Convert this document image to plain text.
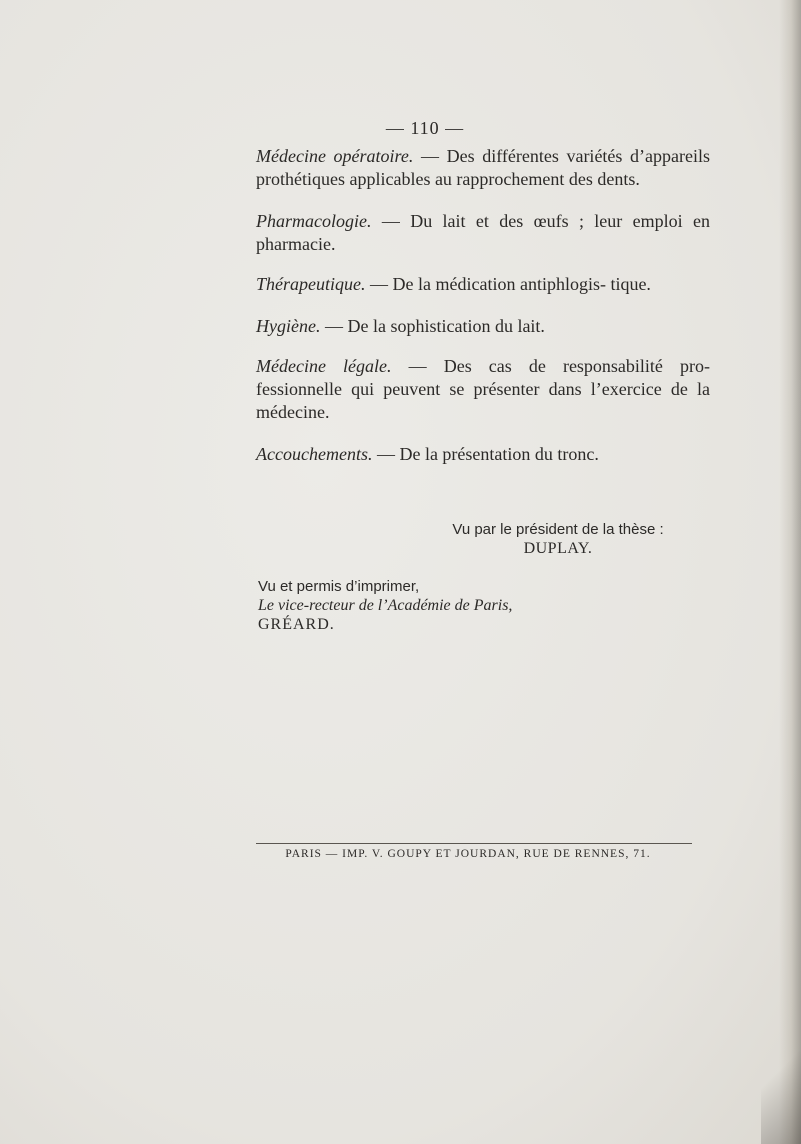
— 110 —

Médecine opératoire. — Des différentes variétés d’appareils prothétiques applicables au rapprochement des dents.

Pharmacologie. — Du lait et des œufs ; leur emploi en pharmacie.

Thérapeutique. — De la médication antiphlogis- tique.

Hygiène. — De la sophistication du lait.

Médecine légale. — Des cas de responsabilité pro- fessionnelle qui peuvent se présenter dans l’exercice de la médecine.

Accouchements. — De la présentation du tronc.

Vu par le président de la thèse :
DUPLAY.
Vu et permis d’imprimer,
Le vice-recteur de l’Académie de Paris,
GRÉARD.
PARIS — IMP. V. GOUPY ET JOURDAN, RUE DE RENNES, 71.
